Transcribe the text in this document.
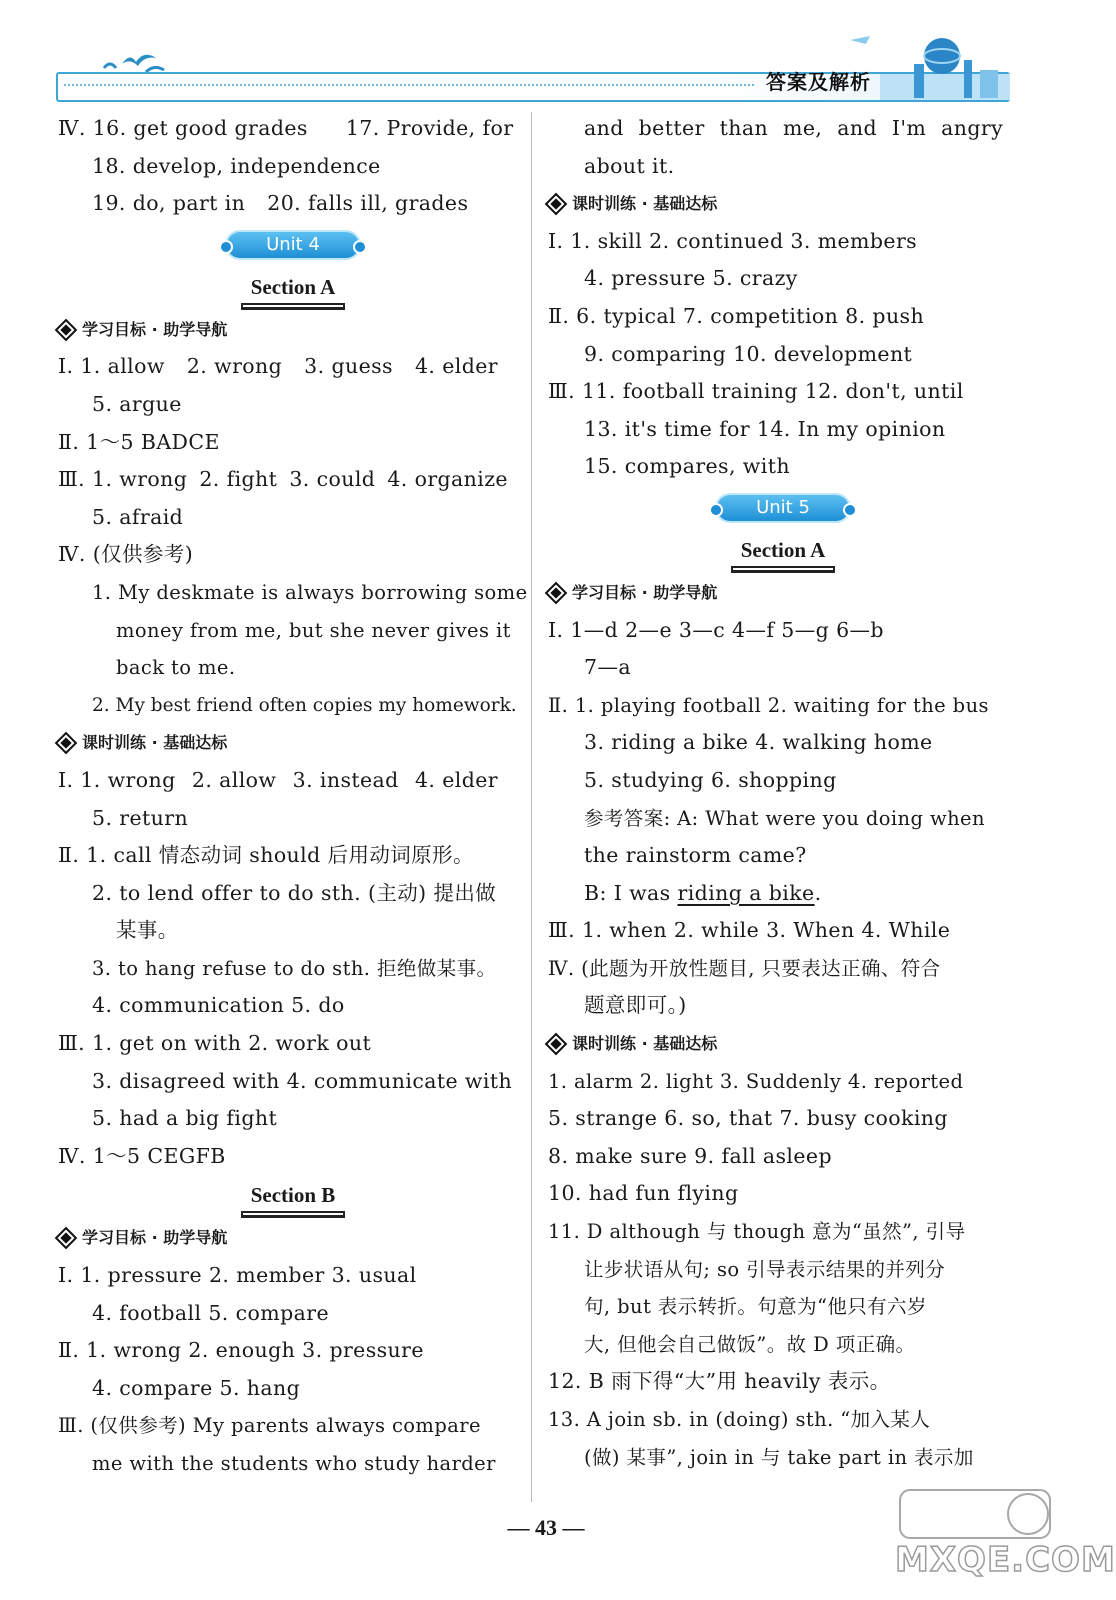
答案及解析
Ⅳ. 16. get good grades 17. Provide, for
18. develop, independence
19. do, part in 20. falls ill, grades
Unit 4
Section A
学习目标 · 助学导航
Ⅰ. 1. allow 2. wrong 3. guess 4. elder
5. argue
Ⅱ. 1～5 BADCE
Ⅲ. 1. wrong 2. fight 3. could 4. organize
5. afraid
Ⅳ. (仅供参考)
1. My deskmate is always borrowing some
money from me, but she never gives it
back to me.
2. My best friend often copies my homework.
课时训练 · 基础达标
Ⅰ. 1. wrong 2. allow 3. instead 4. elder
5. return
Ⅱ. 1. call 情态动词 should 后用动词原形。
2. to lend offer to do sth. (主动) 提出做
某事。
3. to hang refuse to do sth. 拒绝做某事。
4. communication 5. do
Ⅲ. 1. get on with 2. work out
3. disagreed with 4. communicate with
5. had a big fight
Ⅳ. 1～5 CEGFB
Section B
学习目标 · 助学导航
Ⅰ. 1. pressure 2. member 3. usual
4. football 5. compare
Ⅱ. 1. wrong 2. enough 3. pressure
4. compare 5. hang
Ⅲ. (仅供参考) My parents always compare
me with the students who study harder
and better than me, and I'm angry
about it.
课时训练 · 基础达标
Ⅰ. 1. skill 2. continued 3. members
4. pressure 5. crazy
Ⅱ. 6. typical 7. competition 8. push
9. comparing 10. development
Ⅲ. 11. football training 12. don't, until
13. it's time for 14. In my opinion
15. compares, with
Unit 5
Section A
学习目标 · 助学导航
Ⅰ. 1—d 2—e 3—c 4—f 5—g 6—b
7—a
Ⅱ. 1. playing football 2. waiting for the bus
3. riding a bike 4. walking home
5. studying 6. shopping
参考答案: A: What were you doing when
the rainstorm came?
B: I was riding a bike.
Ⅲ. 1. when 2. while 3. When 4. While
Ⅳ. (此题为开放性题目, 只要表达正确、符合
题意即可。)
课时训练 · 基础达标
1. alarm 2. light 3. Suddenly 4. reported
5. strange 6. so, that 7. busy cooking
8. make sure 9. fall asleep
10. had fun flying
11. D although 与 though 意为“虽然”, 引导
让步状语从句; so 引导表示结果的并列分
句, but 表示转折。句意为“他只有六岁
大, 但他会自己做饭”。故 D 项正确。
12. B 雨下得“大”用 heavily 表示。
13. A join sb. in (doing) sth. “加入某人
(做) 某事”, join in 与 take part in 表示加
— 43 —
MXQE.COM
